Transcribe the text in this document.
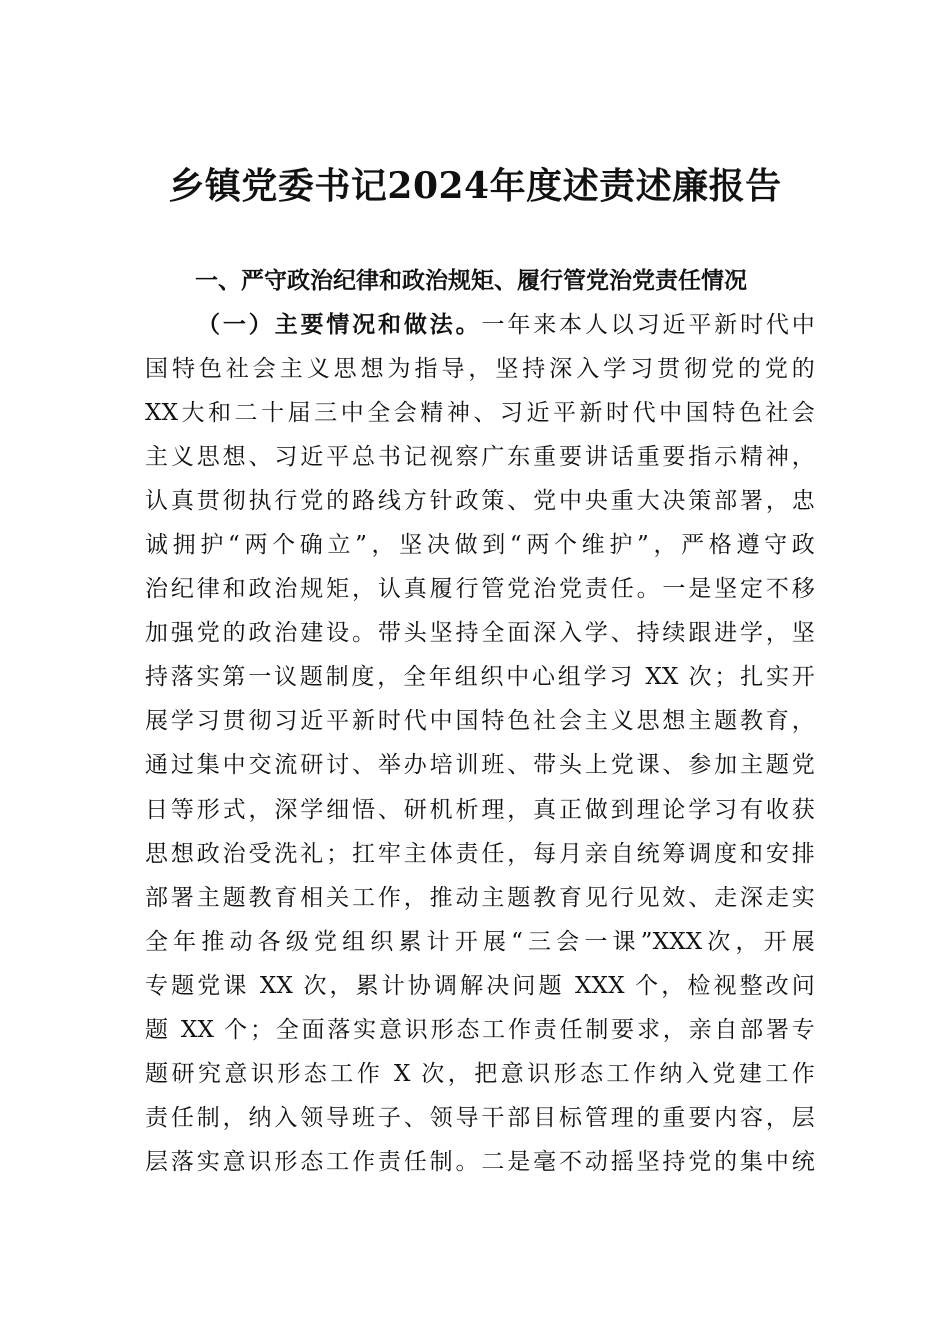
乡镇党委书记2024年度述责述廉报告
一、严守政治纪律和政治规矩、履行管党治党责任情况
（一）主要情况和做法。一年来本人以习近平新时代中
国特色社会主义思想为指导，坚持深入学习贯彻党的党的
XX大和二十届三中全会精神、习近平新时代中国特色社会
主义思想、习近平总书记视察广东重要讲话重要指示精神，
认真贯彻执行党的路线方针政策、党中央重大决策部署，忠
诚拥护“两个确立”，坚决做到“两个维护”，严格遵守政
治纪律和政治规矩，认真履行管党治党责任。一是坚定不移
加强党的政治建设。带头坚持全面深入学、持续跟进学，坚
持落实第一议题制度，全年组织中心组学习 XX 次；扎实开
展学习贯彻习近平新时代中国特色社会主义思想主题教育，
通过集中交流研讨、举办培训班、带头上党课、参加主题党
日等形式，深学细悟、研机析理，真正做到理论学习有收获
思想政治受洗礼；扛牢主体责任，每月亲自统筹调度和安排
部署主题教育相关工作，推动主题教育见行见效、走深走实
全年推动各级党组织累计开展“三会一课”XXX次，开展
专题党课 XX 次，累计协调解决问题 XXX 个，检视整改问
题 XX 个；全面落实意识形态工作责任制要求，亲自部署专
题研究意识形态工作 X 次，把意识形态工作纳入党建工作
责任制，纳入领导班子、领导干部目标管理的重要内容，层
层落实意识形态工作责任制。二是毫不动摇坚持党的集中统
